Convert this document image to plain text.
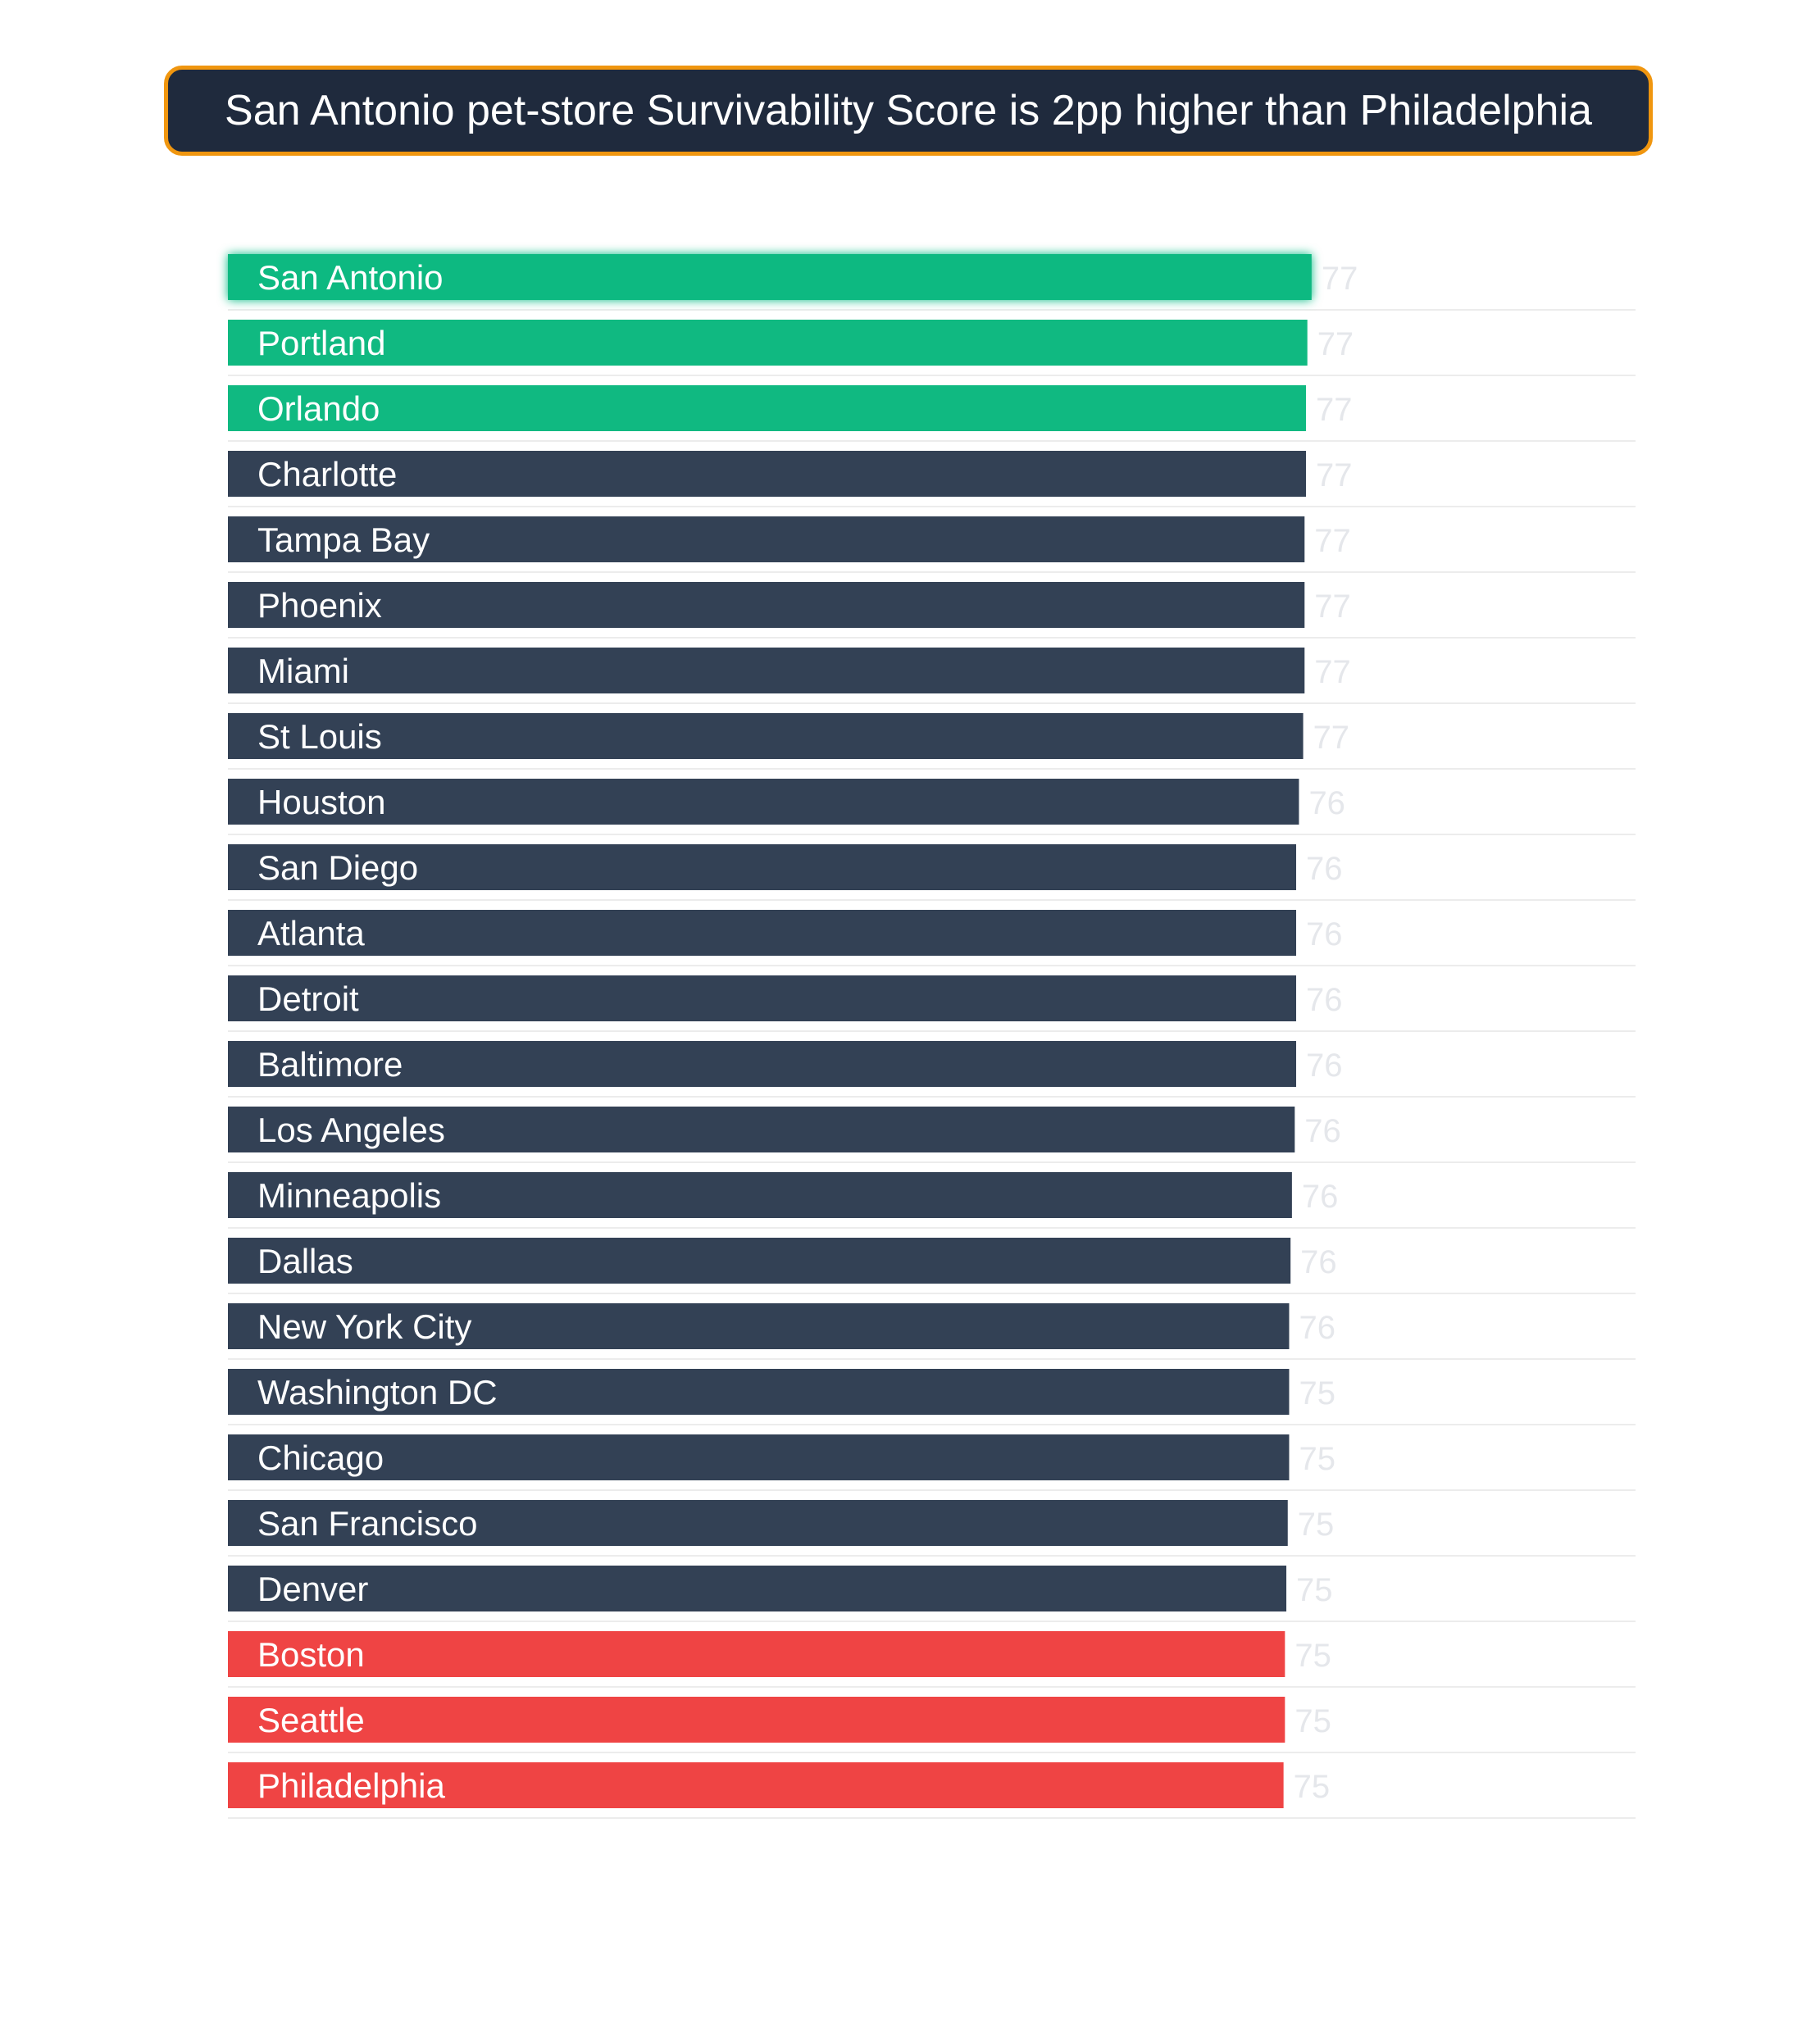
San Antonio pet-store Survivability Score is 2pp higher than Philadelphia
San Antonio	77
Portland	77
Orlando	77
Charlotte	77
Tampa Bay	77
Phoenix	77
Miami	77
St Louis	77
Houston	76
San Diego	76
Atlanta	76
Detroit	76
Baltimore	76
Los Angeles	76
Minneapolis	76
Dallas	76
New York City	76
Washington DC	75
Chicago	75
San Francisco	75
Denver	75
Boston	75
Seattle	75
Philadelphia	75
